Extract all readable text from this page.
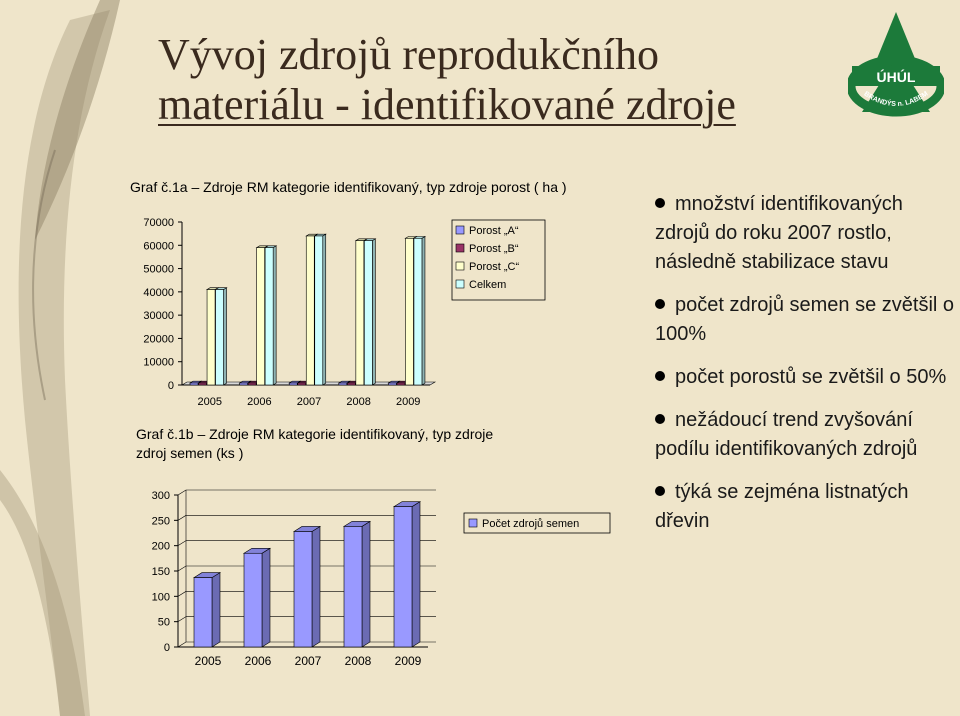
Vývoj zdrojů reprodukčního
materiálu - identifikované zdroje
ÚHÚL
BRANDÝS n. LABEM
Graf č.1a – Zdroje RM kategorie identifikovaný, typ zdroje porost ( ha )
Graf č.1b – Zdroje RM kategorie identifikovaný, typ zdroje zdroj semen (ks )
0
10000
20000
30000
40000
50000
60000
70000
2005 2006 2007 2008 2009
Porost „A“
Porost „B“
Porost „C“
Celkem
0
50
100
150
200
250
300
2005 2006 2007 2008 2009
Počet zdrojů semen
množství identifikovaných zdrojů do roku 2007 rostlo, následně stabilizace stavu
počet zdrojů semen se zvětšil o 100%
počet porostů se zvětšil o 50%
nežádoucí trend zvyšování podílu identifikovaných zdrojů
týká se zejména listnatých dřevin
